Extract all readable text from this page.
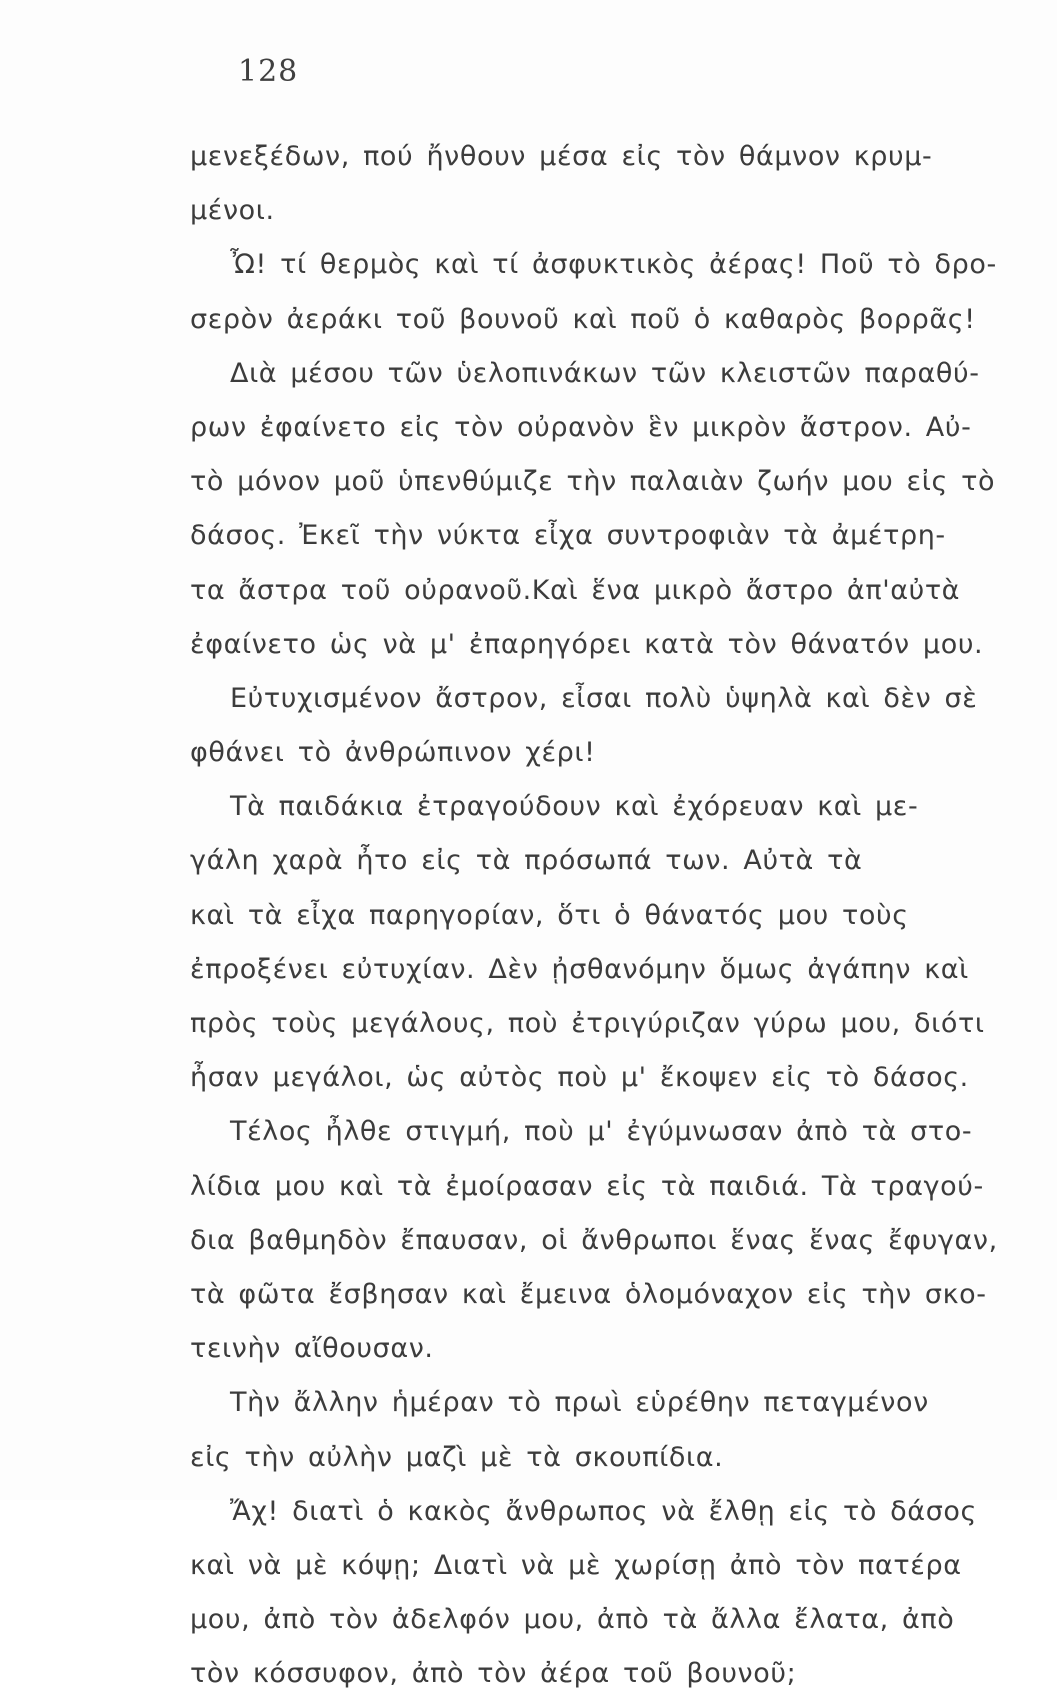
128
μενεξέδων, πού ἤνθουν μέσα εἰς τὸν θάμνον κρυμ-
μένοι.
Ὦ! τί θερμὸς καὶ τί ἀσφυκτικὸς ἀέρας! Ποῦ τὸ δρο-
σερὸν ἀεράκι τοῦ βουνοῦ καὶ ποῦ ὁ καθαρὸς βορρᾶς!
Διὰ μέσου τῶν ὑελοπινάκων τῶν κλειστῶν παραθύ-
ρων ἐφαίνετο εἰς τὸν οὐρανὸν ἓν μικρὸν ἄστρον. Αὐ-
τὸ μόνον μοῦ ὑπενθύμιζε τὴν παλαιὰν ζωήν μου εἰς τὸ
δάσος. Ἐκεῖ τὴν νύκτα εἶχα συντροφιὰν τὰ ἀμέτρη-
τα ἄστρα τοῦ οὐρανοῦ.Καὶ ἕνα μικρὸ ἄστρο ἀπ'αὐτὰ
ἐφαίνετο ὡς νὰ μ' ἐπαρηγόρει κατὰ τὸν θάνατόν μου.
Εὐτυχισμένον ἄστρον, εἶσαι πολὺ ὑψηλὰ καὶ δὲν σὲ
φθάνει τὸ ἀνθρώπινον χέρι!
Τὰ παιδάκια ἐτραγούδουν καὶ ἐχόρευαν καὶ με-
γάλη χαρὰ ἦτο εἰς τὰ πρόσωπά των. Αὐτὰ τὰ
καὶ τὰ εἶχα παρηγορίαν, ὅτι ὁ θάνατός μου τοὺς
ἐπροξένει εὐτυχίαν. Δὲν ᾐσθανόμην ὅμως ἀγάπην καὶ
πρὸς τοὺς μεγάλους, ποὺ ἐτριγύριζαν γύρω μου, διότι
ἦσαν μεγάλοι, ὡς αὐτὸς ποὺ μ' ἔκοψεν εἰς τὸ δάσος.
Τέλος ἦλθε στιγμή, ποὺ μ' ἐγύμνωσαν ἀπὸ τὰ στο-
λίδια μου καὶ τὰ ἐμοίρασαν εἰς τὰ παιδιά. Τὰ τραγού-
δια βαθμηδὸν ἔπαυσαν, οἱ ἄνθρωποι ἕνας ἕνας ἔφυγαν,
τὰ φῶτα ἔσβησαν καὶ ἔμεινα ὁλομόναχον εἰς τὴν σκο-
τεινὴν αἴθουσαν.
Τὴν ἄλλην ἡμέραν τὸ πρωὶ εὑρέθην πεταγμένον
εἰς τὴν αὐλὴν μαζὶ μὲ τὰ σκουπίδια.
Ἄχ! διατὶ ὁ κακὸς ἄνθρωπος νὰ ἔλθῃ εἰς τὸ δάσος
καὶ νὰ μὲ κόψῃ; Διατὶ νὰ μὲ χωρίσῃ ἀπὸ τὸν πατέρα
μου, ἀπὸ τὸν ἀδελφόν μου, ἀπὸ τὰ ἄλλα ἔλατα, ἀπὸ
τὸν κόσσυφον, ἀπὸ τὸν ἀέρα τοῦ βουνοῦ;
